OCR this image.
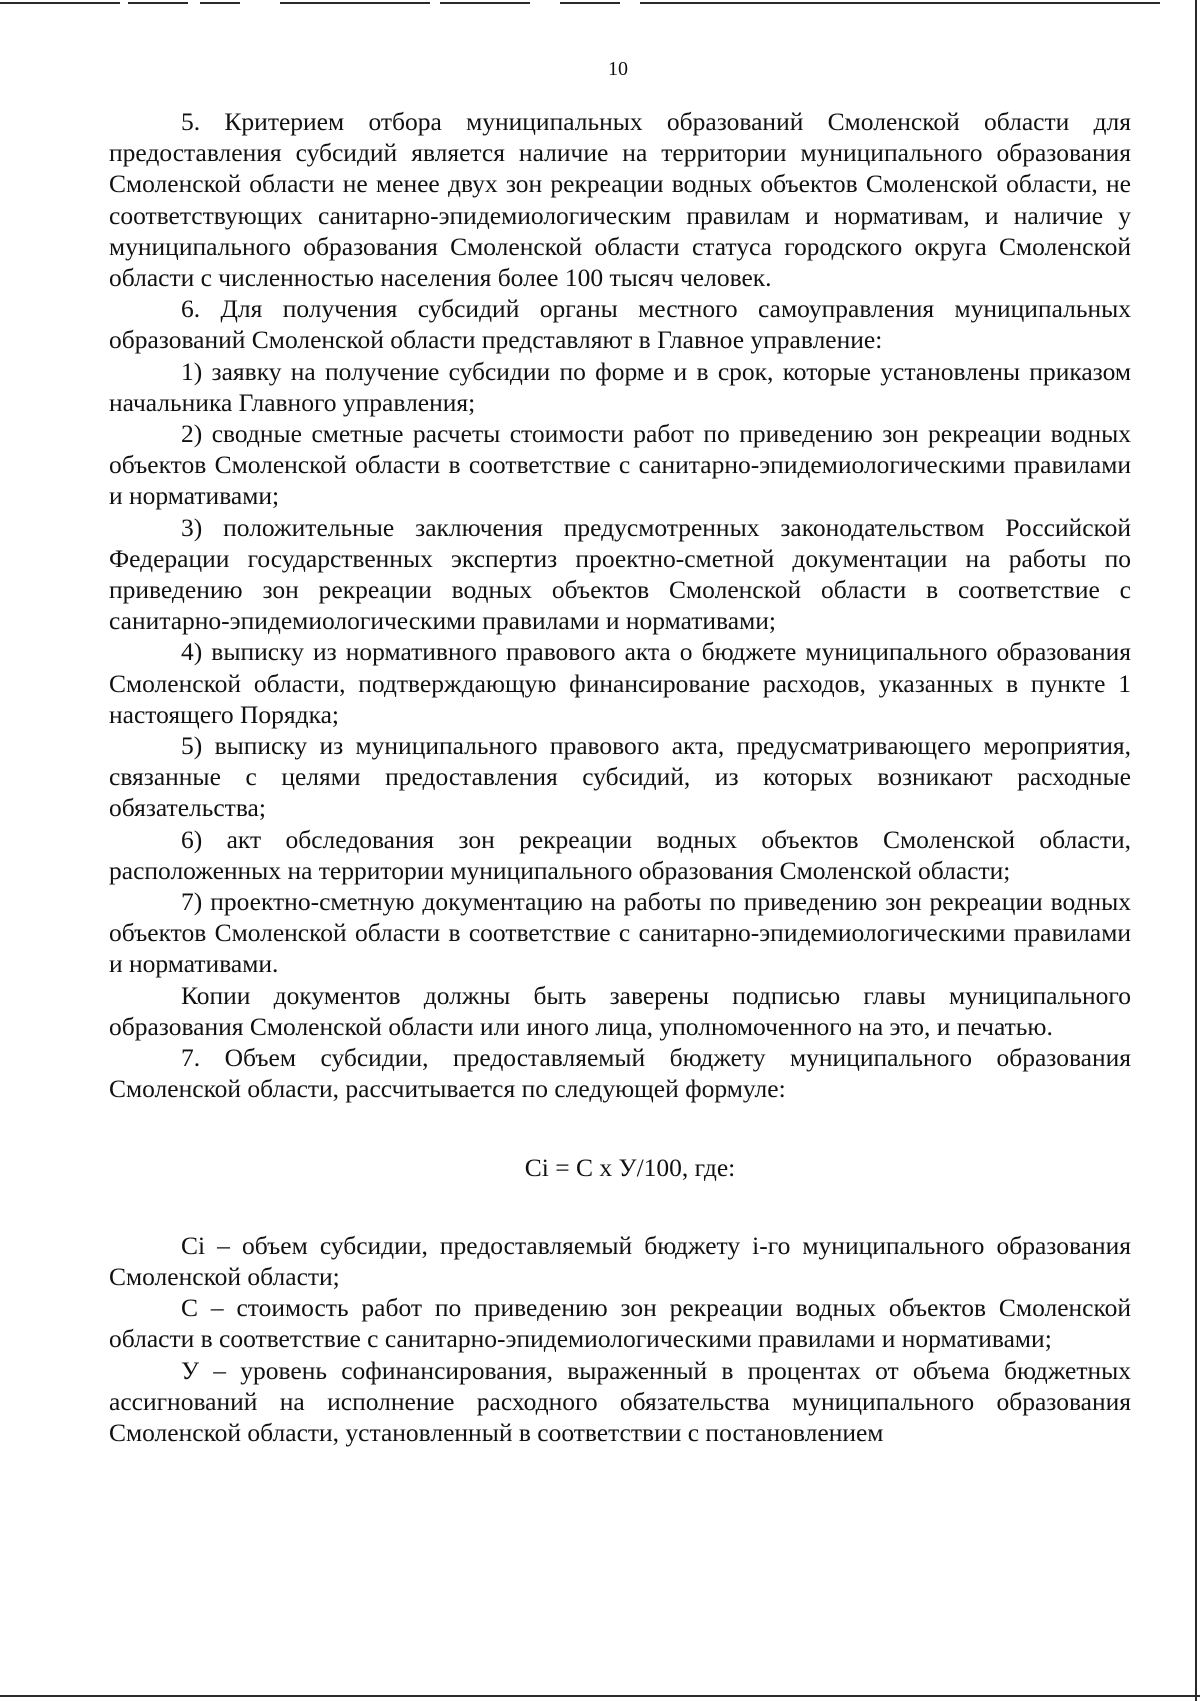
10

5. Критерием отбора муниципальных образований Смоленской области для предоставления субсидий является наличие на территории муниципального образования Смоленской области не менее двух зон рекреации водных объектов Смоленской области, не соответствующих санитарно-эпидемиологическим правилам и нормативам, и наличие у муниципального образования Смоленской области статуса городского округа Смоленской области с численностью населения более 100 тысяч человек.

6. Для получения субсидий органы местного самоуправления муниципальных образований Смоленской области представляют в Главное управление:

1) заявку на получение субсидии по форме и в срок, которые установлены приказом начальника Главного управления;

2) сводные сметные расчеты стоимости работ по приведению зон рекреации водных объектов Смоленской области в соответствие с санитарно-эпидемиологическими правилами и нормативами;

3) положительные заключения предусмотренных законодательством Российской Федерации государственных экспертиз проектно-сметной документации на работы по приведению зон рекреации водных объектов Смоленской области в соответствие с санитарно-эпидемиологическими правилами и нормативами;

4) выписку из нормативного правового акта о бюджете муниципального образования Смоленской области, подтверждающую финансирование расходов, указанных в пункте 1 настоящего Порядка;

5) выписку из муниципального правового акта, предусматривающего мероприятия, связанные с целями предоставления субсидий, из которых возникают расходные обязательства;

6) акт обследования зон рекреации водных объектов Смоленской области, расположенных на территории муниципального образования Смоленской области;

7) проектно-сметную документацию на работы по приведению зон рекреации водных объектов Смоленской области в соответствие с санитарно-эпидемиологическими правилами и нормативами.

Копии документов должны быть заверены подписью главы муниципального образования Смоленской области или иного лица, уполномоченного на это, и печатью.

7. Объем субсидии, предоставляемый бюджету муниципального образования Смоленской области, рассчитывается по следующей формуле:

Ci = C x У/100, где:

Ci – объем субсидии, предоставляемый бюджету i-го муниципального образования Смоленской области;

C – стоимость работ по приведению зон рекреации водных объектов Смоленской области в соответствие с санитарно-эпидемиологическими правилами и нормативами;

У – уровень софинансирования, выраженный в процентах от объема бюджетных ассигнований на исполнение расходного обязательства муниципального образования Смоленской области, установленный в соответствии с постановлением
